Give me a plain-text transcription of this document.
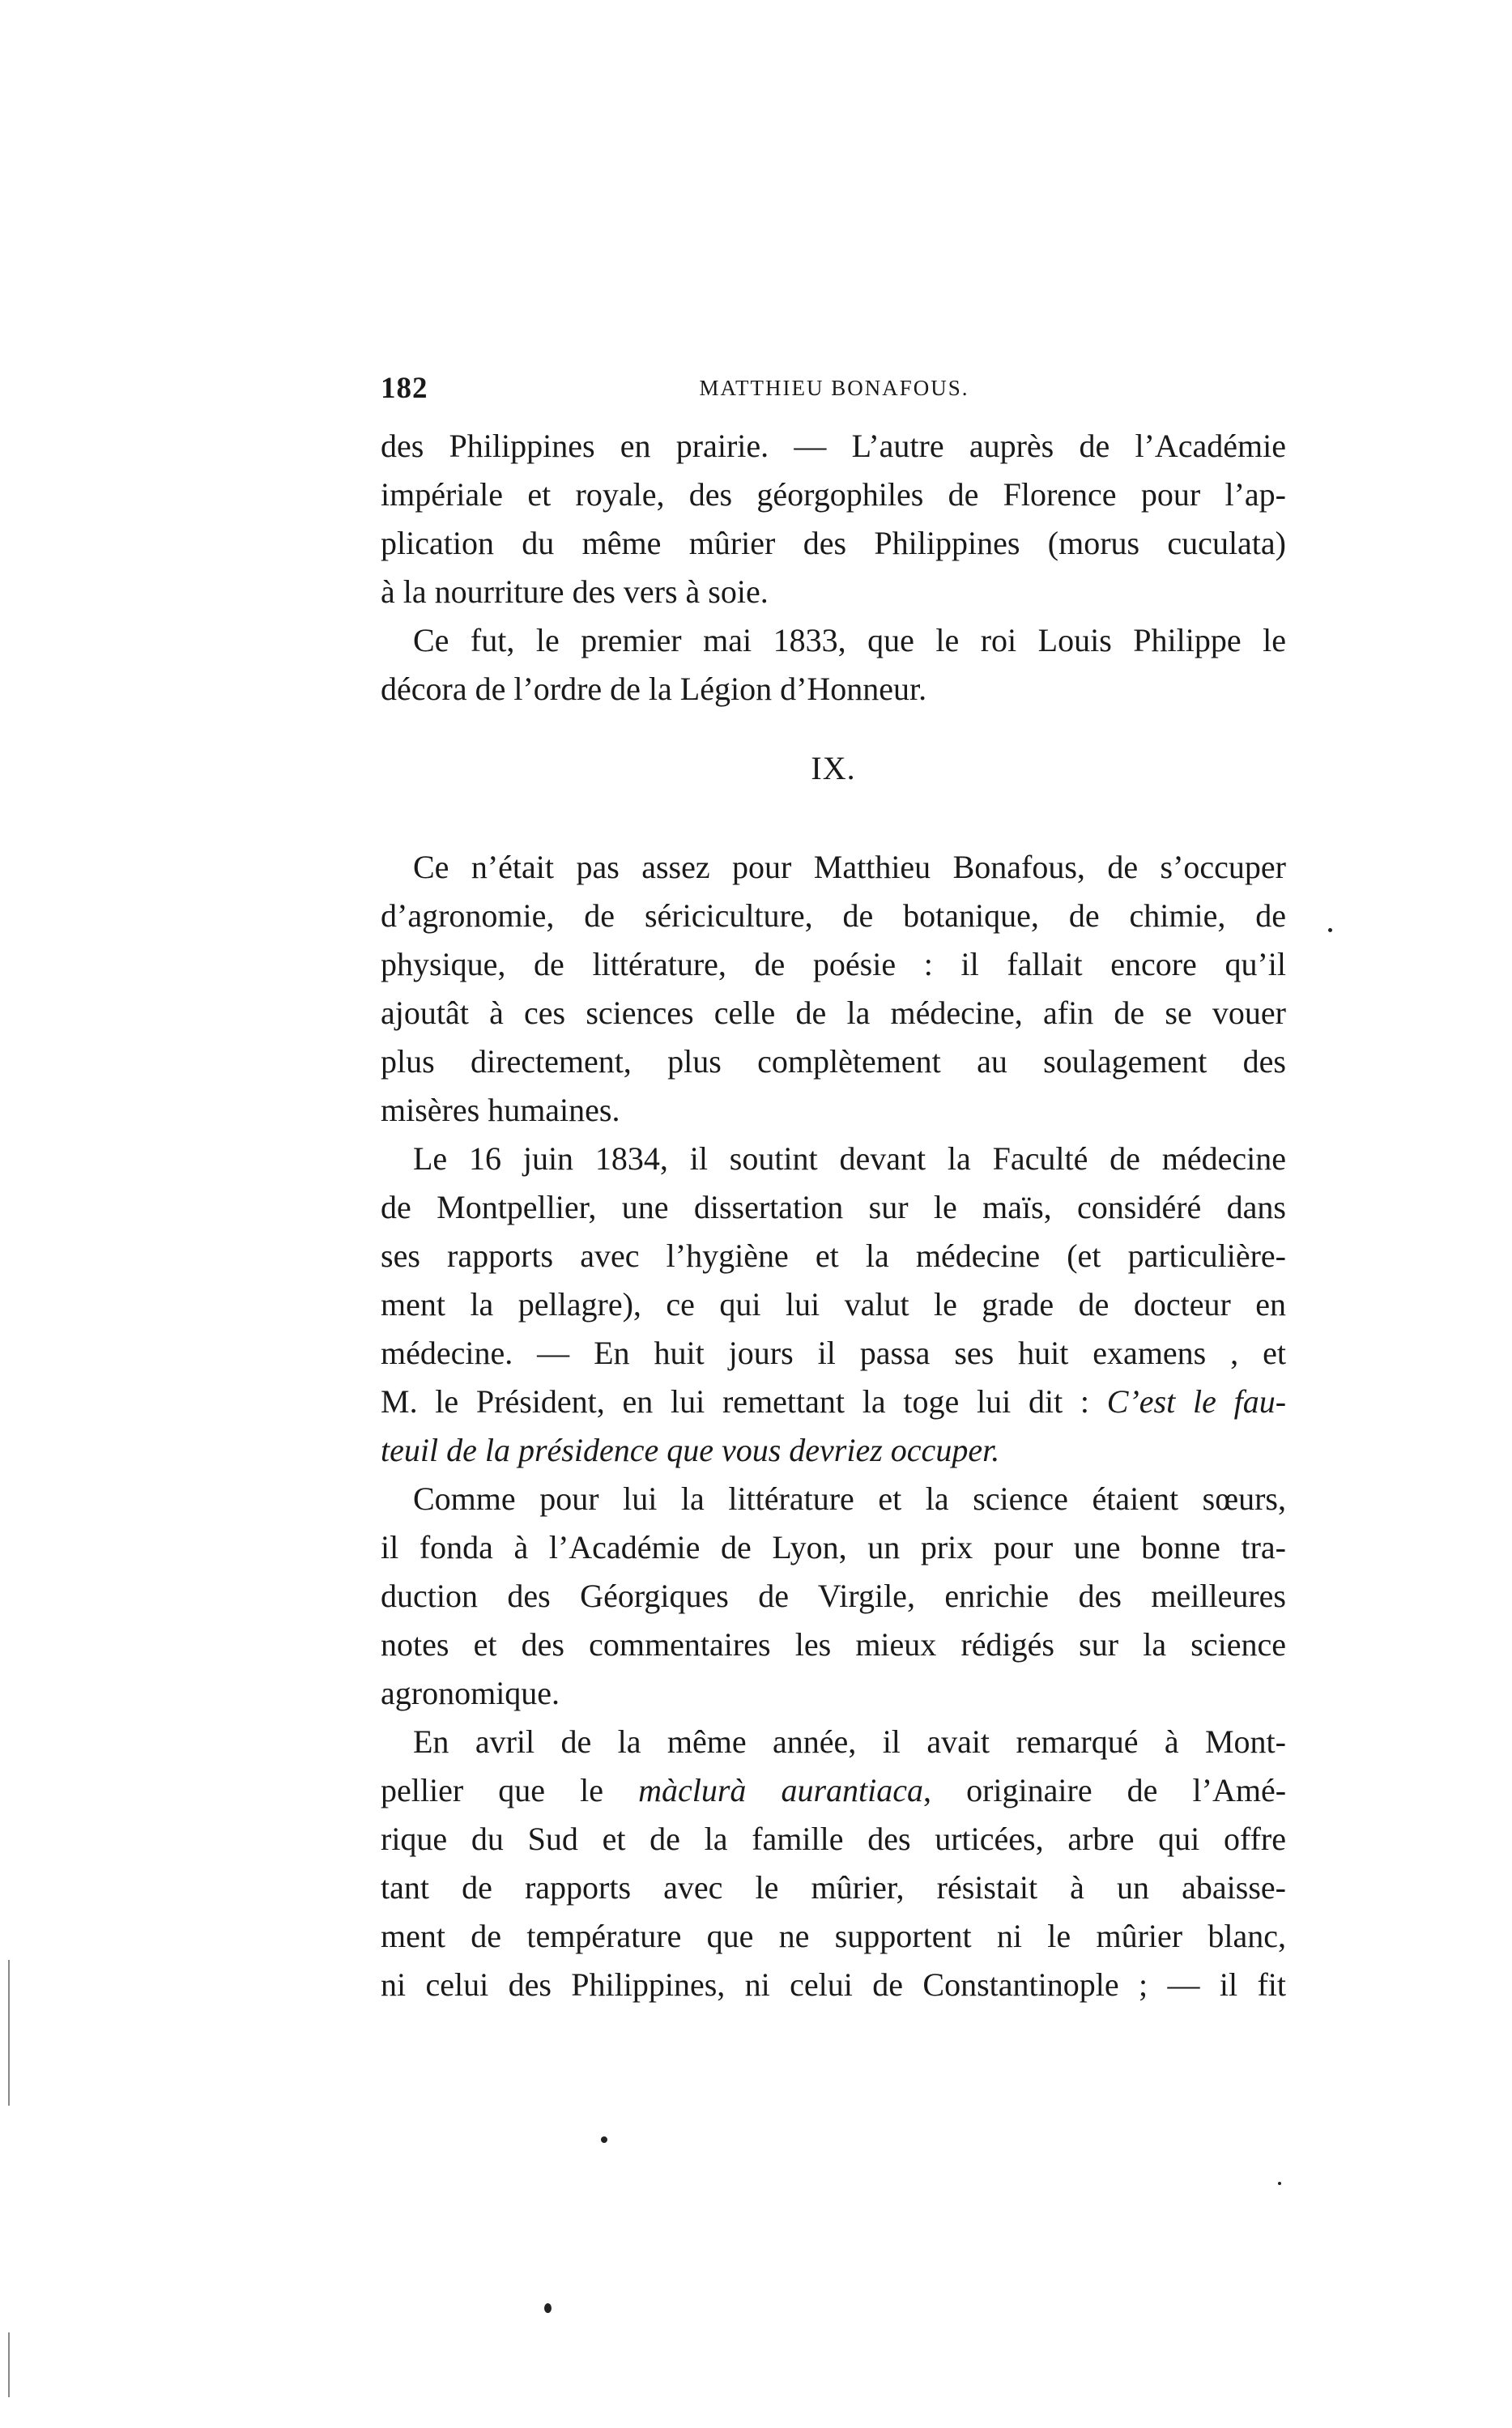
182	MATTHIEU BONAFOUS.
des Philippines en prairie. — L’autre auprès de l’Académie
impériale et royale, des géorgophiles de Florence pour l’ap-
plication du même mûrier des Philippines (morus cuculata)
à la nourriture des vers à soie.
Ce fut, le premier mai 1833, que le roi Louis Philippe le
décora de l’ordre de la Légion d’Honneur.
IX.
Ce n’était pas assez pour Matthieu Bonafous, de s’occuper
d’agronomie, de sériciculture, de botanique, de chimie, de
physique, de littérature, de poésie : il fallait encore qu’il
ajoutât à ces sciences celle de la médecine, afin de se vouer
plus directement, plus complètement au soulagement des
misères humaines.
Le 16 juin 1834, il soutint devant la Faculté de médecine
de Montpellier, une dissertation sur le maïs, considéré dans
ses rapports avec l’hygiène et la médecine (et particulière-
ment la pellagre), ce qui lui valut le grade de docteur en
médecine. — En huit jours il passa ses huit examens , et
M. le Président, en lui remettant la toge lui dit : C’est le fau-
teuil de la présidence que vous devriez occuper.
Comme pour lui la littérature et la science étaient sœurs,
il fonda à l’Académie de Lyon, un prix pour une bonne tra-
duction des Géorgiques de Virgile, enrichie des meilleures
notes et des commentaires les mieux rédigés sur la science
agronomique.
En avril de la même année, il avait remarqué à Mont-
pellier que le màclurà aurantiaca, originaire de l’Amé-
rique du Sud et de la famille des urticées, arbre qui offre
tant de rapports avec le mûrier, résistait à un abaisse-
ment de température que ne supportent ni le mûrier blanc,
ni celui des Philippines, ni celui de Constantinople ; — il fit
